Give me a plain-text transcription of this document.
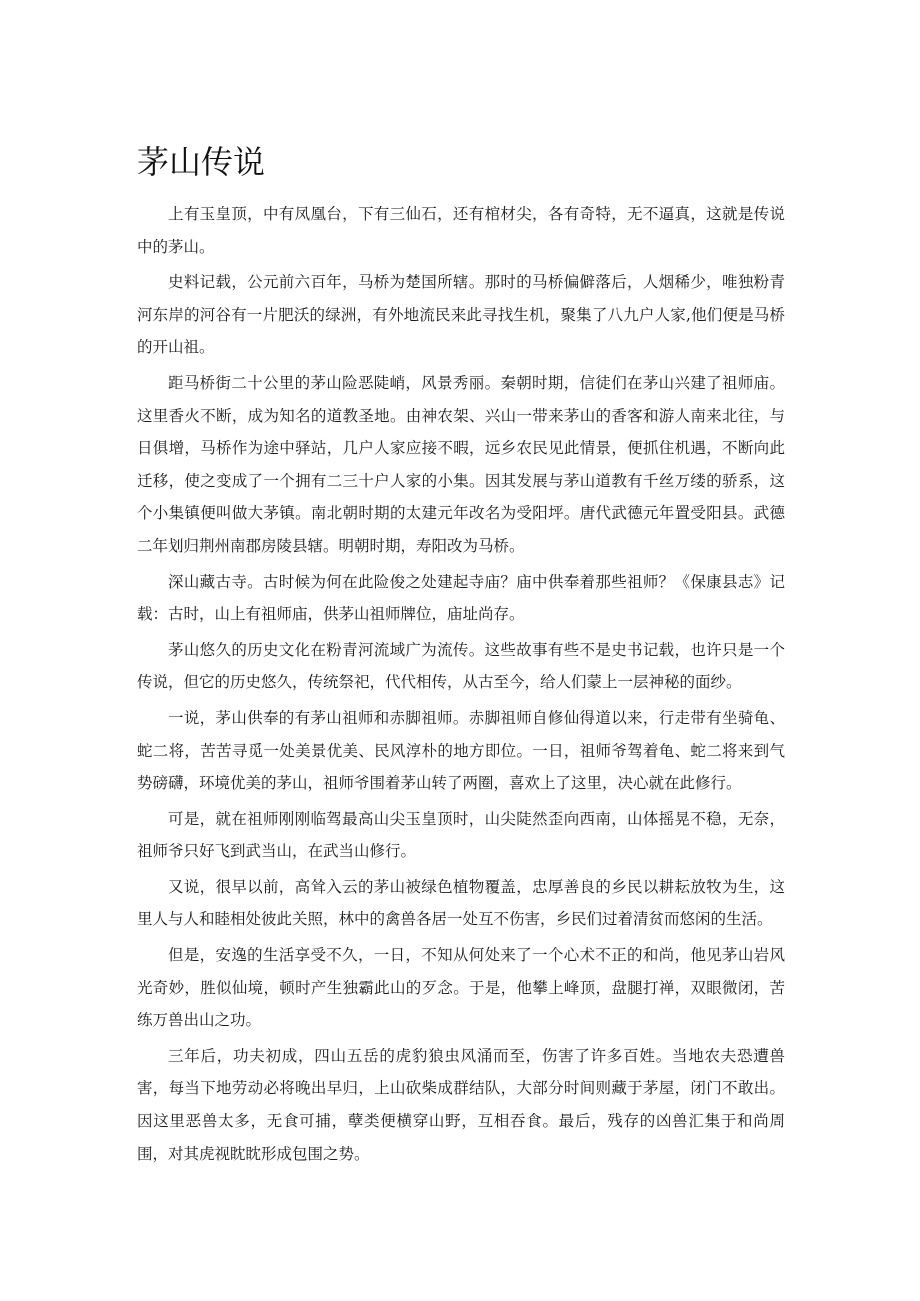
茅山传说

上有玉皇顶，中有凤凰台，下有三仙石，还有棺材尖，各有奇特，无不逼真，这就是传说中的茅山。

史料记载，公元前六百年，马桥为楚国所辖。那时的马桥偏僻落后，人烟稀少，唯独粉青河东岸的河谷有一片肥沃的绿洲，有外地流民来此寻找生机，聚集了八九户人家,他们便是马桥的开山祖。

距马桥街二十公里的茅山险恶陡峭，风景秀丽。秦朝时期，信徒们在茅山兴建了祖师庙。这里香火不断，成为知名的道教圣地。由神农架、兴山一带来茅山的香客和游人南来北往，与日俱增，马桥作为途中驿站，几户人家应接不暇，远乡农民见此情景，便抓住机遇，不断向此迁移，使之变成了一个拥有二三十户人家的小集。因其发展与茅山道教有千丝万缕的骄系，这个小集镇便叫做大茅镇。南北朝时期的太建元年改名为受阳坪。唐代武德元年置受阳县。武德二年划归荆州南郡房陵县辖。明朝时期，寿阳改为马桥。

深山藏古寺。古时候为何在此险俊之处建起寺庙？庙中供奉着那些祖师？《保康县志》记载：古时，山上有祖师庙，供茅山祖师牌位，庙址尚存。

茅山悠久的历史文化在粉青河流域广为流传。这些故事有些不是史书记载，也许只是一个传说，但它的历史悠久，传统祭祀，代代相传，从古至今，给人们蒙上一层神秘的面纱。

一说，茅山供奉的有茅山祖师和赤脚祖师。赤脚祖师自修仙得道以来，行走带有坐骑龟、蛇二将，苦苦寻觅一处美景优美、民风淳朴的地方即位。一日，祖师爷驾着龟、蛇二将来到气势磅礴，环境优美的茅山，祖师爷围着茅山转了两圈，喜欢上了这里，决心就在此修行。

可是，就在祖师刚刚临驾最高山尖玉皇顶时，山尖陡然歪向西南，山体摇晃不稳，无奈，祖师爷只好飞到武当山，在武当山修行。

又说，很早以前，高耸入云的茅山被绿色植物覆盖，忠厚善良的乡民以耕耘放牧为生，这里人与人和睦相处彼此关照，林中的禽兽各居一处互不伤害，乡民们过着清贫而悠闲的生活。

但是，安逸的生活享受不久，一日，不知从何处来了一个心术不正的和尚，他见茅山岩风光奇妙，胜似仙境，顿时产生独霸此山的歹念。于是，他攀上峰顶，盘腿打禅，双眼微闭，苦练万兽出山之功。

三年后，功夫初成，四山五岳的虎豹狼虫风涌而至，伤害了许多百姓。当地农夫恐遭兽害，每当下地劳动必将晚出早归，上山砍柴成群结队，大部分时间则藏于茅屋，闭门不敢出。因这里恶兽太多，无食可捕，孽类便横穿山野，互相吞食。最后，残存的凶兽汇集于和尚周围，对其虎视眈眈形成包围之势。
